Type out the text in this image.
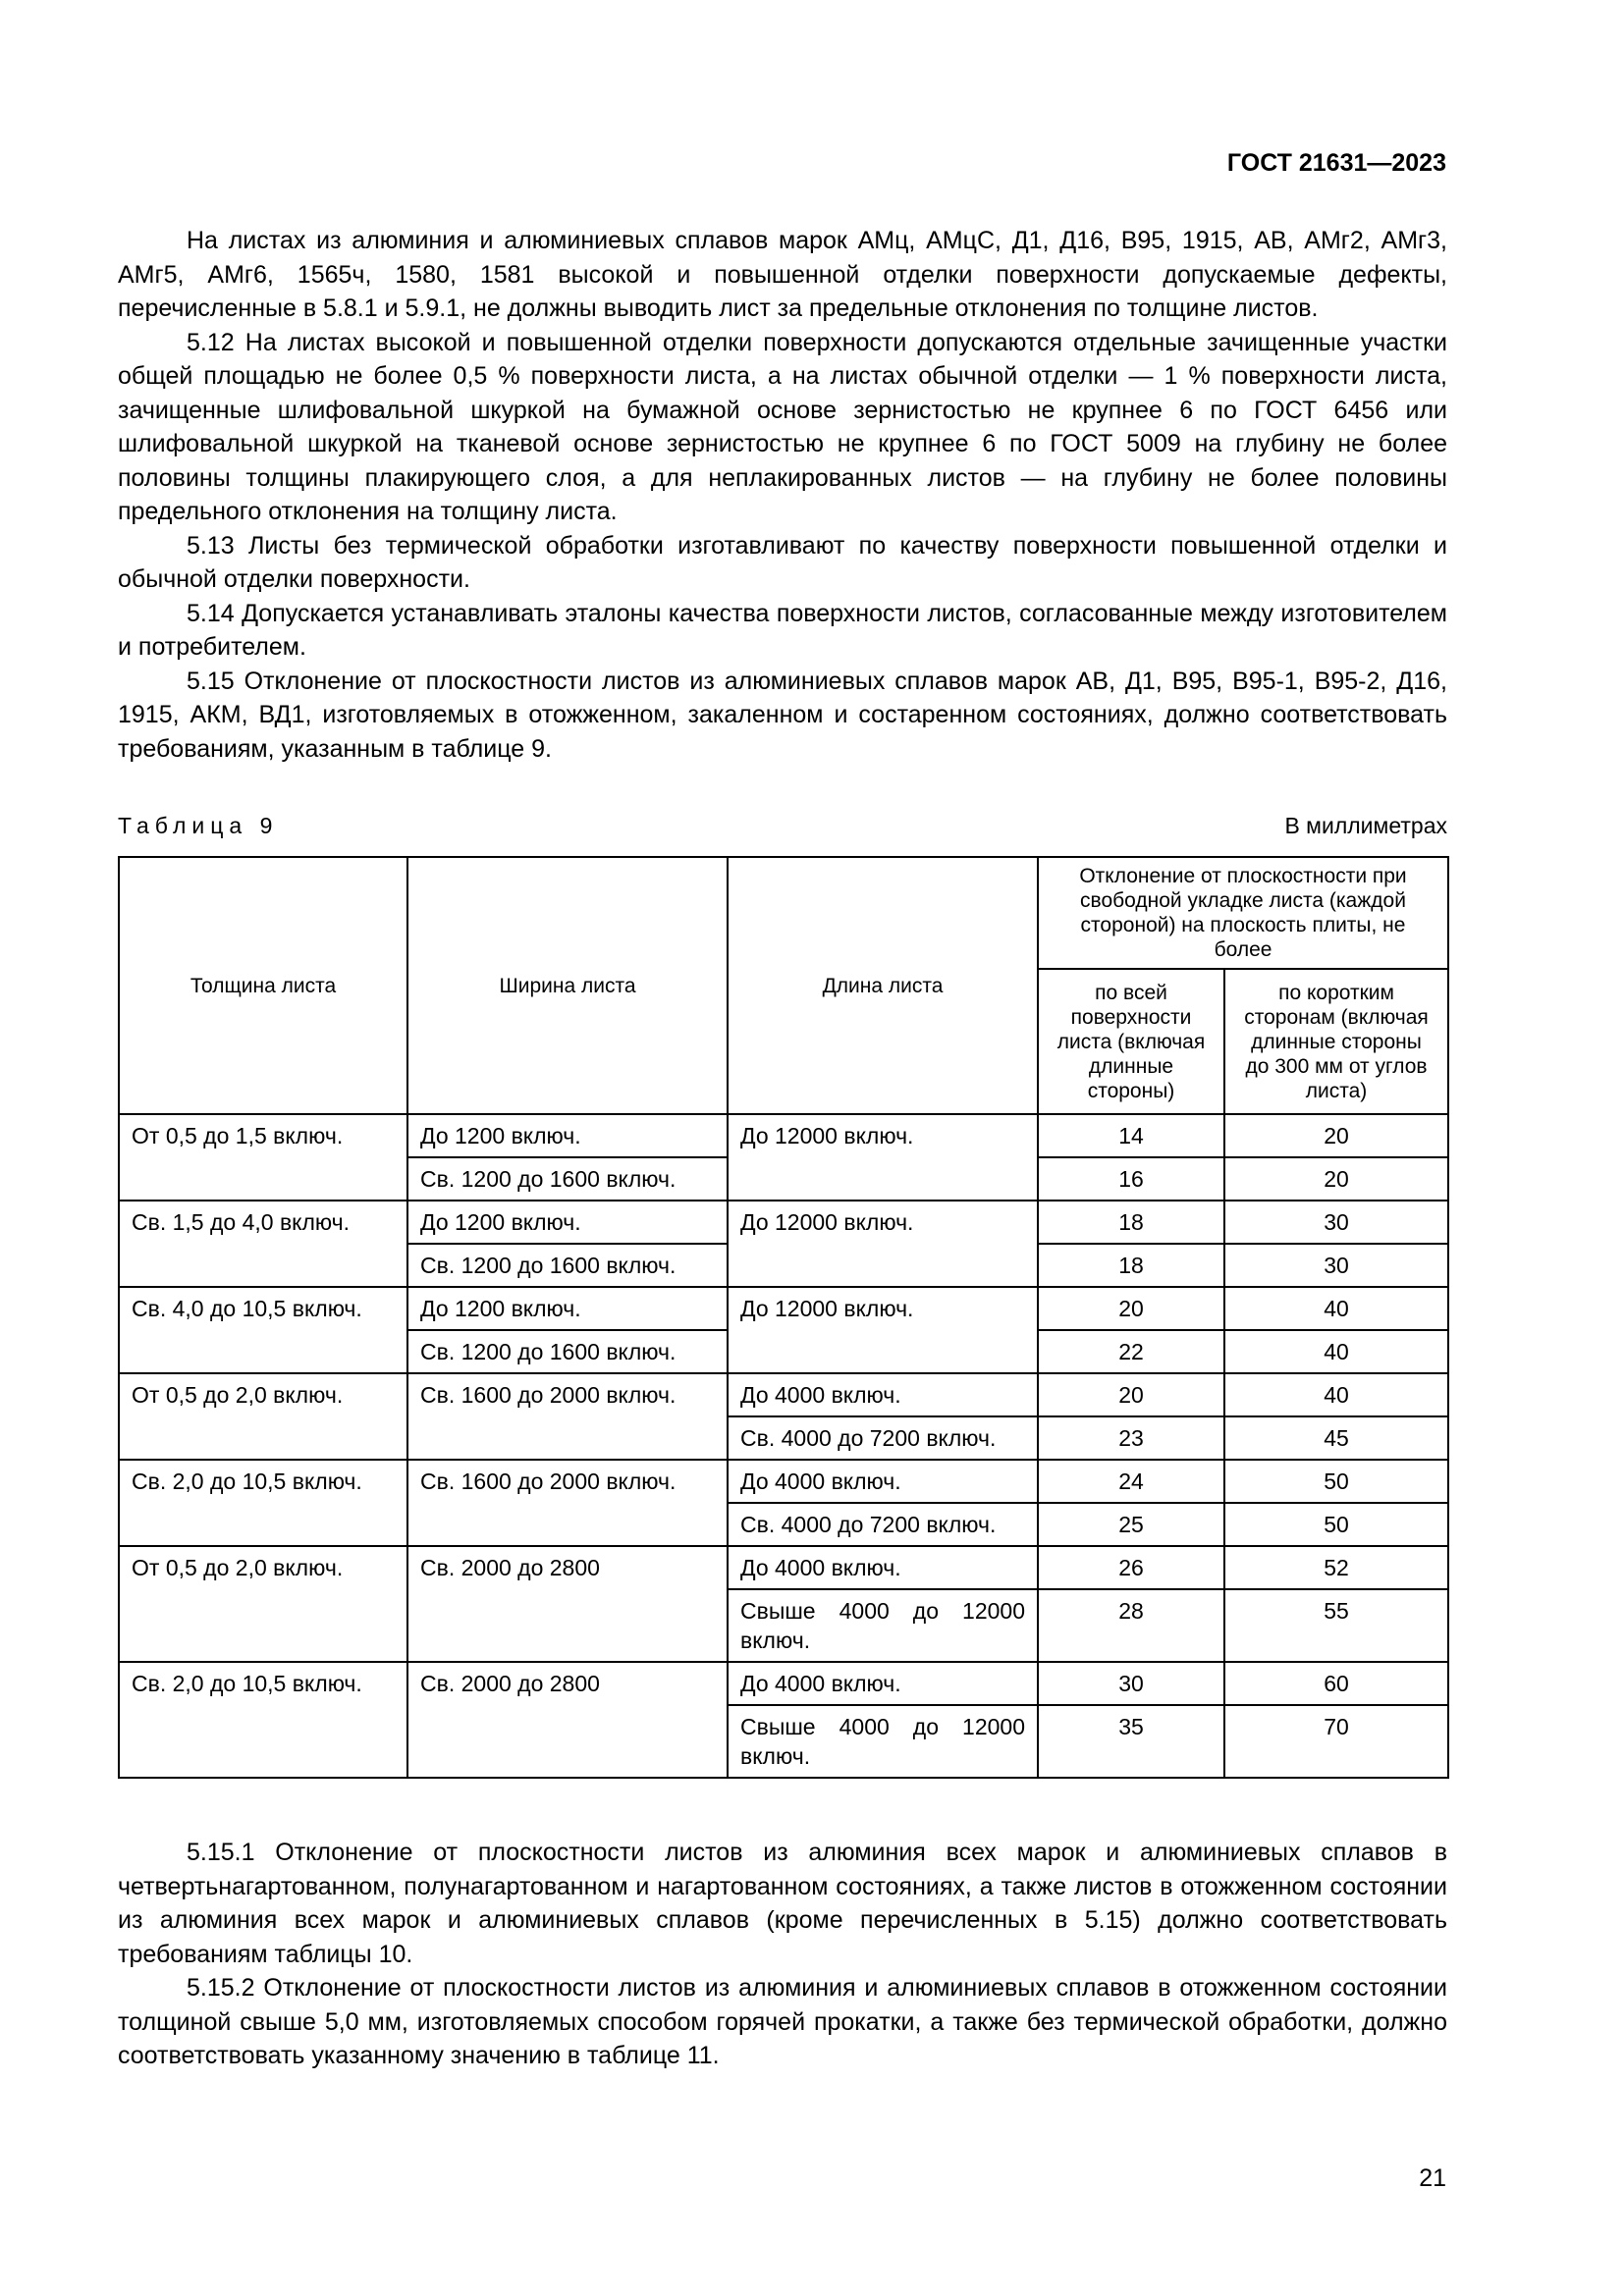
ГОСТ 21631—2023

На листах из алюминия и алюминиевых сплавов марок АМц, АМцС, Д1, Д16, В95, 1915, АВ, АМг2, АМг3, АМг5, АМг6, 1565ч, 1580, 1581 высокой и повышенной отделки поверхности допускаемые дефекты, перечисленные в 5.8.1 и 5.9.1, не должны выводить лист за предельные отклонения по толщине листов.

5.12 На листах высокой и повышенной отделки поверхности допускаются отдельные зачищенные участки общей площадью не более 0,5 % поверхности листа, а на листах обычной отделки — 1 % поверхности листа, зачищенные шлифовальной шкуркой на бумажной основе зернистостью не крупнее 6 по ГОСТ 6456 или шлифовальной шкуркой на тканевой основе зернистостью не крупнее 6 по ГОСТ 5009 на глубину не более половины толщины плакирующего слоя, а для неплакированных листов — на глубину не более половины предельного отклонения на толщину листа.

5.13 Листы без термической обработки изготавливают по качеству поверхности повышенной отделки и обычной отделки поверхности.

5.14 Допускается устанавливать эталоны качества поверхности листов, согласованные между изготовителем и потребителем.

5.15 Отклонение от плоскостности листов из алюминиевых сплавов марок АВ, Д1, В95, В95-1, В95-2, Д16, 1915, АКМ, ВД1, изготовляемых в отожженном, закаленном и состаренном состояниях, должно соответствовать требованиям, указанным в таблице 9.

Таблица 9	В миллиметрах
Толщина листа	Ширина листа	Длина листа	Отклонение от плоскостности при свободной укладке листа (каждой стороной) на плоскость плиты, не более	
			по всей поверхности листа (включая длинные стороны)	по коротким сторонам (включая длинные стороны до 300 мм от углов листа)
От 0,5 до 1,5 включ.	До 1200 включ.	До 12000 включ.	14	20
	Св. 1200 до 1600 включ.		16	20
Св. 1,5 до 4,0 включ.	До 1200 включ.	До 12000 включ.	18	30
	Св. 1200 до 1600 включ.		18	30
Св. 4,0 до 10,5 включ.	До 1200 включ.	До 12000 включ.	20	40
	Св. 1200 до 1600 включ.		22	40
От 0,5 до 2,0 включ.	Св. 1600 до 2000 включ.	До 4000 включ.	20	40
		Св. 4000 до 7200 включ.	23	45
Св. 2,0 до 10,5 включ.	Св. 1600 до 2000 включ.	До 4000 включ.	24	50
		Св. 4000 до 7200 включ.	25	50
От 0,5 до 2,0 включ.	Св. 2000 до 2800	До 4000 включ.	26	52
		Свыше 4000 до 12000 включ.	28	55
Св. 2,0 до 10,5 включ.	Св. 2000 до 2800	До 4000 включ.	30	60
		Свыше 4000 до 12000 включ.	35	70

5.15.1 Отклонение от плоскостности листов из алюминия всех марок и алюминиевых сплавов в четвертьнагартованном, полунагартованном и нагартованном состояниях, а также листов в отожженном состоянии из алюминия всех марок и алюминиевых сплавов (кроме перечисленных в 5.15) должно соответствовать требованиям таблицы 10.

5.15.2 Отклонение от плоскостности листов из алюминия и алюминиевых сплавов в отожженном состоянии толщиной свыше 5,0 мм, изготовляемых способом горячей прокатки, а также без термической обработки, должно соответствовать указанному значению в таблице 11.

21
